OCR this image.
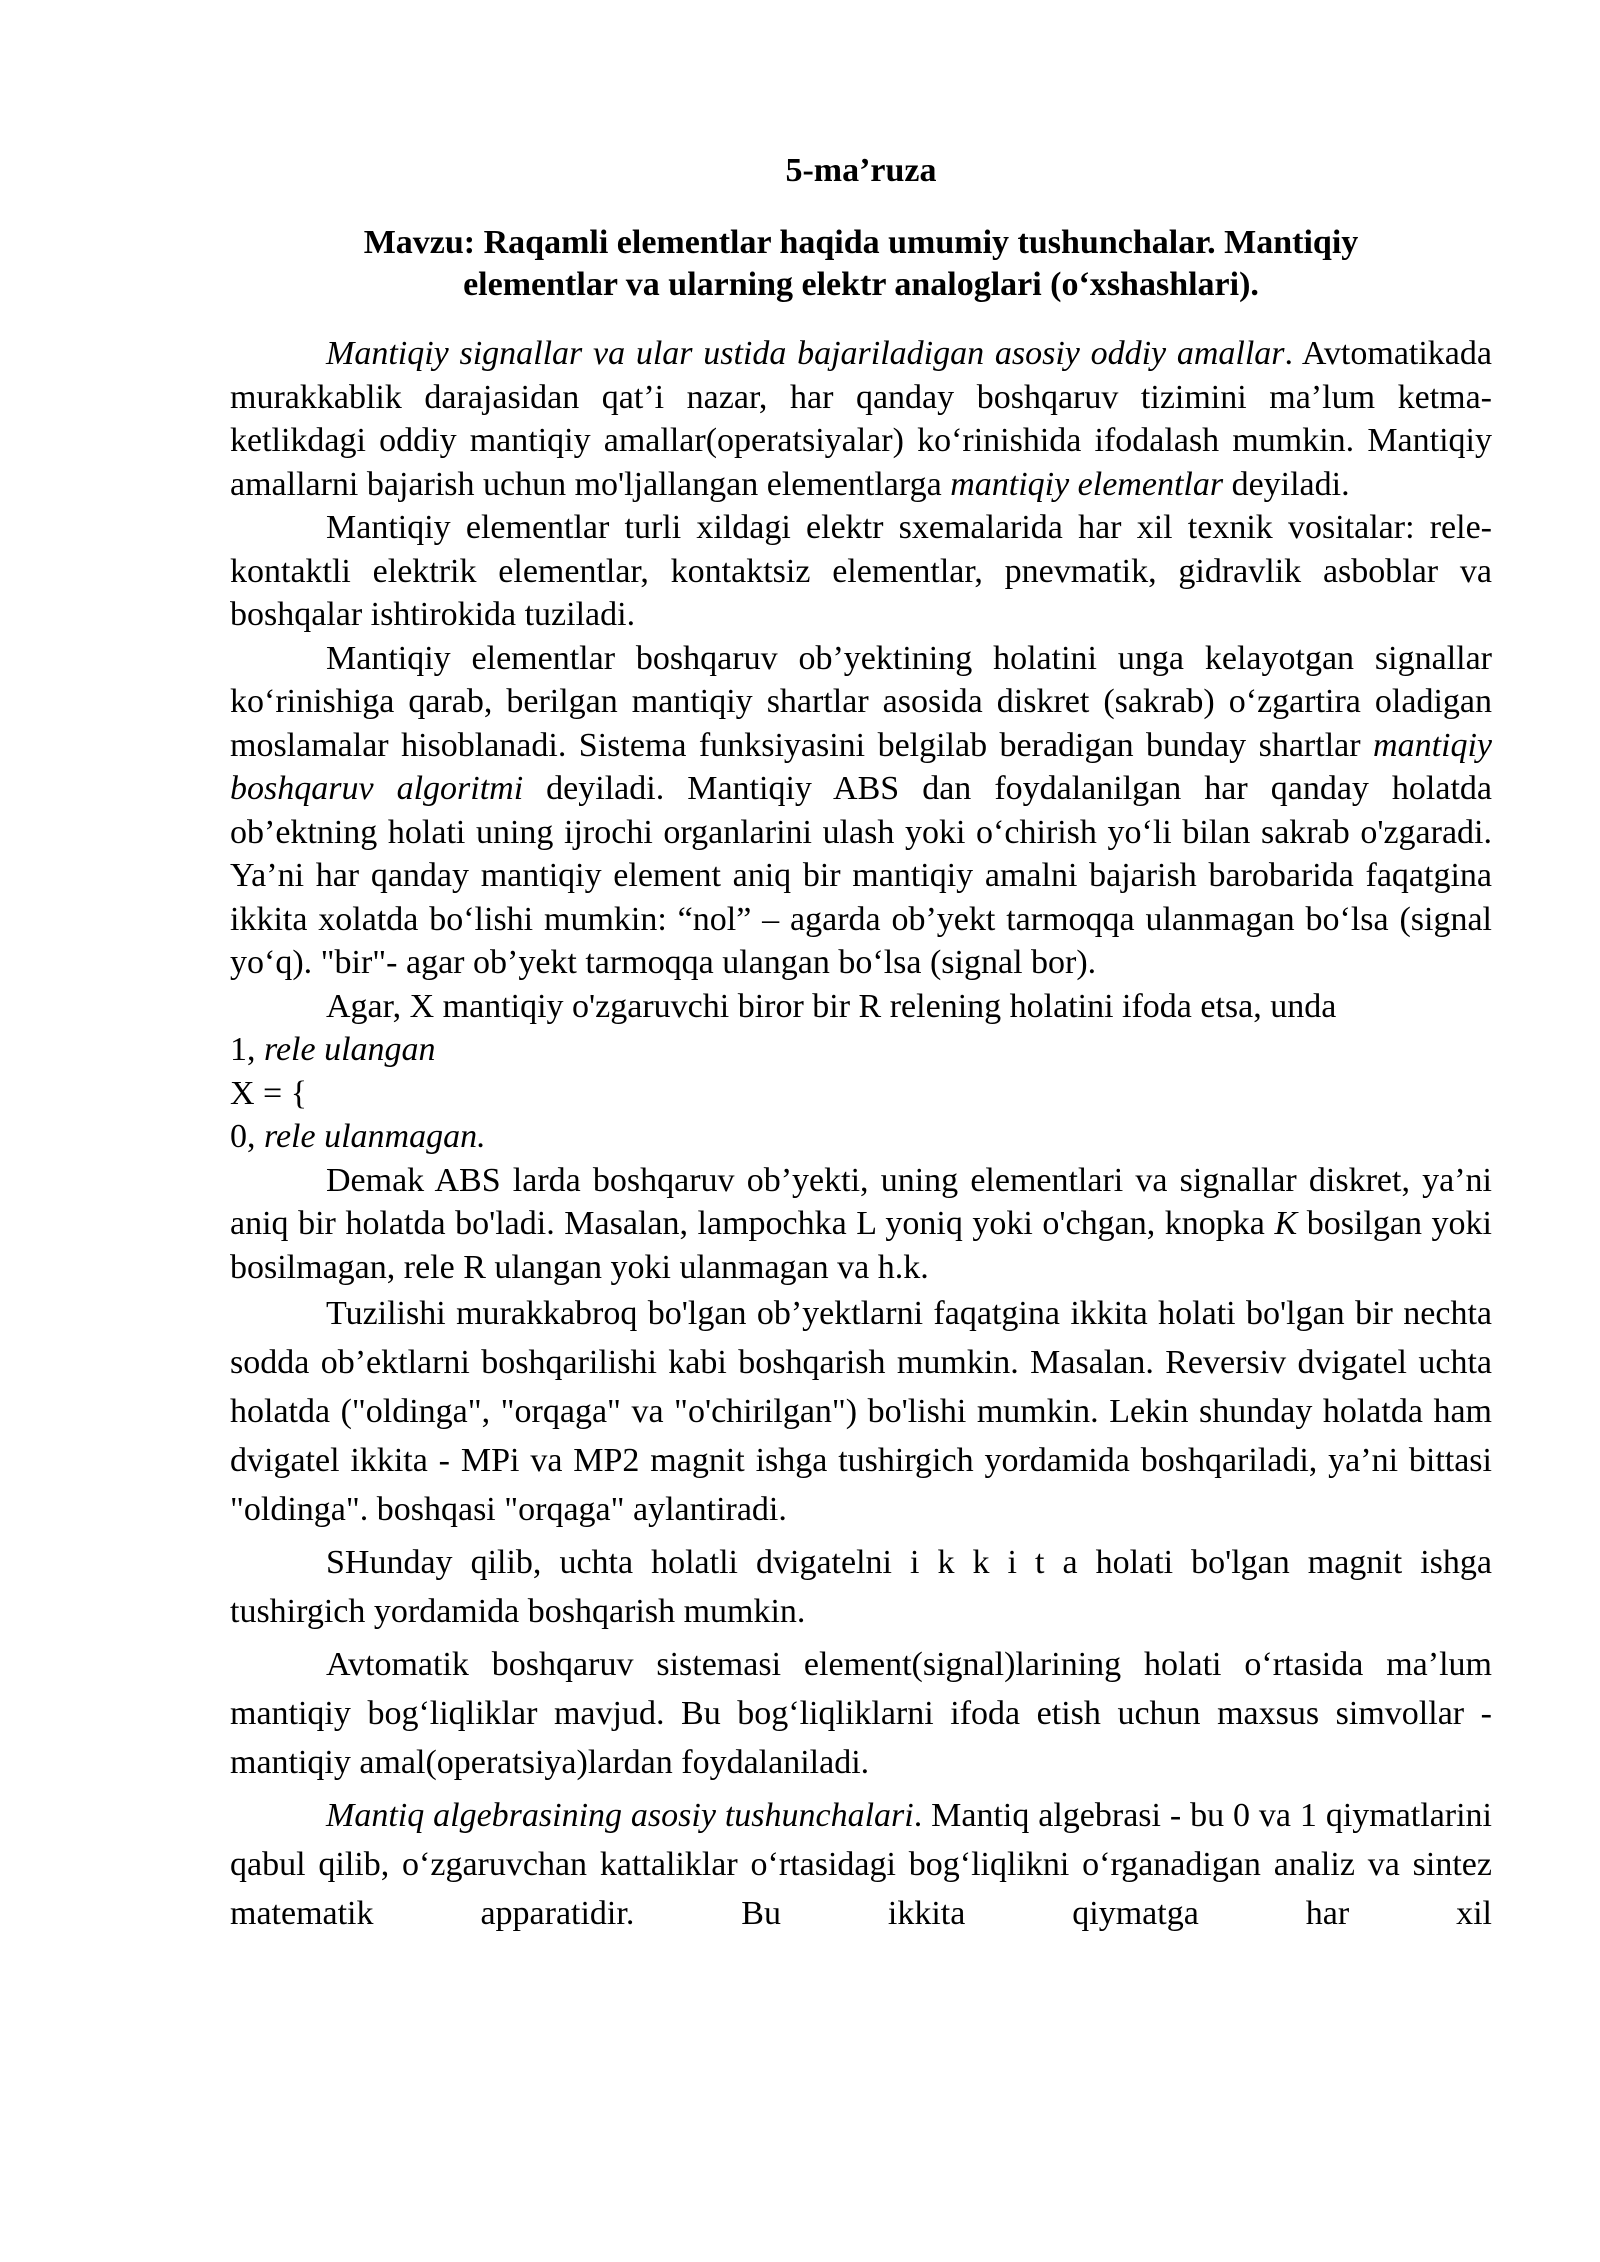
5-ma’ruza
Mavzu: Raqamli elementlar haqida umumiy tushunchalar. Mantiqiy
elementlar va ularning elektr analoglari (o‘xshashlari).

Mantiqiy signallar va ular ustida bajariladigan asosiy oddiy amallar. Avtomatikada murakkablik darajasidan qat’i nazar, har qanday boshqaruv tizimini ma’lum ketma-ketlikdagi oddiy mantiqiy amallar(operatsiyalar) ko‘rinishida ifodalash mumkin. Mantiqiy amallarni bajarish uchun mo'ljallangan elementlarga mantiqiy elementlar deyiladi.

Mantiqiy elementlar turli xildagi elektr sxemalarida har xil texnik vositalar: rele-kontaktli elektrik elementlar, kontaktsiz elementlar, pnevmatik, gidravlik asboblar va boshqalar ishtirokida tuziladi.

Mantiqiy elementlar boshqaruv ob’yektining holatini unga kelayotgan signallar ko‘rinishiga qarab, berilgan mantiqiy shartlar asosida diskret (sakrab) o‘zgartira oladigan moslamalar hisoblanadi. Sistema funksiyasini belgilab beradigan bunday shartlar mantiqiy boshqaruv algoritmi deyiladi. Mantiqiy ABS dan foydalanilgan har qanday holatda ob’ektning holati uning ijrochi organlarini ulash yoki o‘chirish yo‘li bilan sakrab o'zgaradi. Ya’ni har qanday mantiqiy element aniq bir mantiqiy amalni bajarish barobarida faqatgina ikkita xolatda bo‘lishi mumkin: “nol” – agarda ob’yekt tarmoqqa ulanmagan bo‘lsa (signal yo‘q). "bir"- agar ob’yekt tarmoqqa ulangan bo‘lsa (signal bor).

Agar, X mantiqiy o'zgaruvchi biror bir R relening holatini ifoda etsa, unda

1, rele ulangan
X = {
0, rele ulanmagan.

Demak ABS larda boshqaruv ob’yekti, uning elementlari va signallar diskret, ya’ni aniq bir holatda bo'ladi. Masalan, lampochka L yoniq yoki o'chgan, knopka K bosilgan yoki bosilmagan, rele R ulangan yoki ulanmagan va h.k.

Tuzilishi murakkabroq bo'lgan ob’yektlarni faqatgina ikkita holati bo'lgan bir nechta sodda ob’ektlarni boshqarilishi kabi boshqarish mumkin. Masalan. Reversiv dvigatel uchta holatda ("oldinga", "orqaga" va "o'chirilgan") bo'lishi mumkin. Lekin shunday holatda ham dvigatel ikkita - MPi va MP2 magnit ishga tushirgich yordamida boshqariladi, ya’ni bittasi "oldinga". boshqasi "orqaga" aylantiradi.

SHunday qilib, uchta holatli dvigatelni i k k i t a holati bo'lgan magnit ishga tushirgich yordamida boshqarish mumkin.

Avtomatik boshqaruv sistemasi element(signal)larining holati o‘rtasida ma’lum mantiqiy bog‘liqliklar mavjud. Bu bog‘liqliklarni ifoda etish uchun maxsus simvollar - mantiqiy amal(operatsiya)lardan foydalaniladi.

Mantiq algebrasining asosiy tushunchalari. Mantiq algebrasi - bu 0 va 1 qiymatlarini qabul qilib, o‘zgaruvchan kattaliklar o‘rtasidagi bog‘liqlikni o‘rganadigan analiz va sintez matematik apparatidir. Bu ikkita qiymatga har xil
